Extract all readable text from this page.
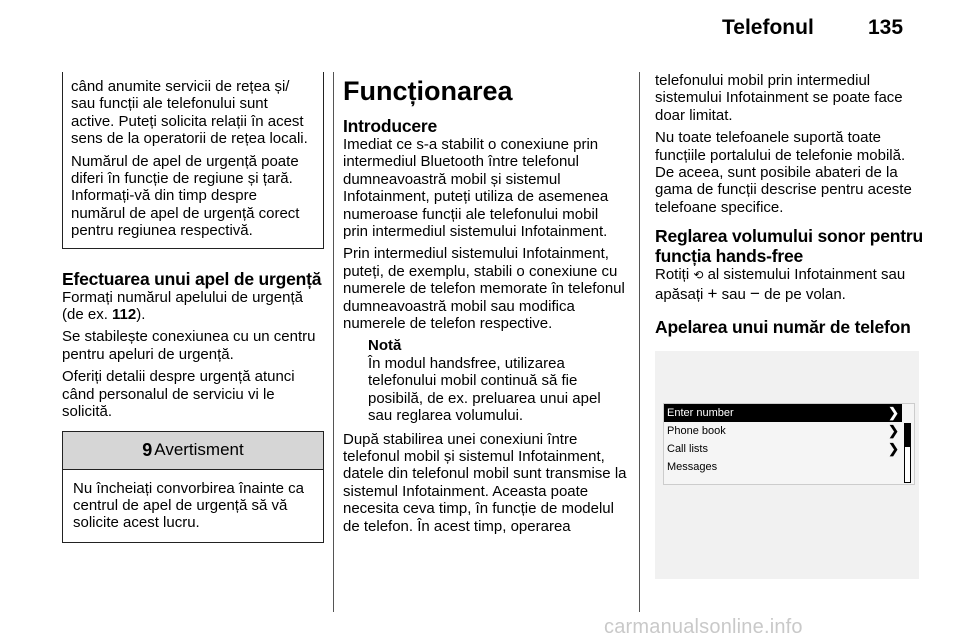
Telefonul	135

când anumite servicii de rețea și/ sau funcții ale telefonului sunt active. Puteți solicita relații în acest sens de la operatorii de rețea locali.

Numărul de apel de urgență poate diferi în funcție de regiune și țară. Informați-vă din timp despre numărul de apel de urgență corect pentru regiunea respectivă.

Efectuarea unui apel de urgență

Formați numărul apelului de urgență (de ex. 112).

Se stabilește conexiunea cu un centru pentru apeluri de urgență.

Oferiți detalii despre urgență atunci când personalul de serviciu vi le solicită.

9 Avertisment

Nu încheiați convorbirea înainte ca centrul de apel de urgență să vă solicite acest lucru.

Funcționarea
Introducere

Imediat ce s-a stabilit o conexiune prin intermediul Bluetooth între telefonul dumneavoastră mobil și sistemul Infotainment, puteți utiliza de asemenea numeroase funcții ale telefonului mobil prin intermediul sistemului Infotainment.

Prin intermediul sistemului Infotainment, puteți, de exemplu, stabili o conexiune cu numerele de telefon memorate în telefonul dumneavoastră mobil sau modifica numerele de telefon respective.

Notă

În modul handsfree, utilizarea telefonului mobil continuă să fie posibilă, de ex. preluarea unui apel sau reglarea volumului.

După stabilirea unei conexiuni între telefonul mobil și sistemul Infotainment, datele din telefonul mobil sunt transmise la sistemul Infotainment. Aceasta poate necesita ceva timp, în funcție de modelul de telefon. În acest timp, operarea

telefonului mobil prin intermediul sistemului Infotainment se poate face doar limitat.

Nu toate telefoanele suportă toate funcțiile portalului de telefonie mobilă. De aceea, sunt posibile abateri de la gama de funcții descrise pentru aceste telefoane specifice.

Reglarea volumului sonor pentru funcția hands-free

Rotiți ⟲ al sistemului Infotainment sau apăsați + sau − de pe volan.

Apelarea unui număr de telefon
Enter number	❯
Phone book	❯
Call lists	❯
Messages
carmanualsonline.info
